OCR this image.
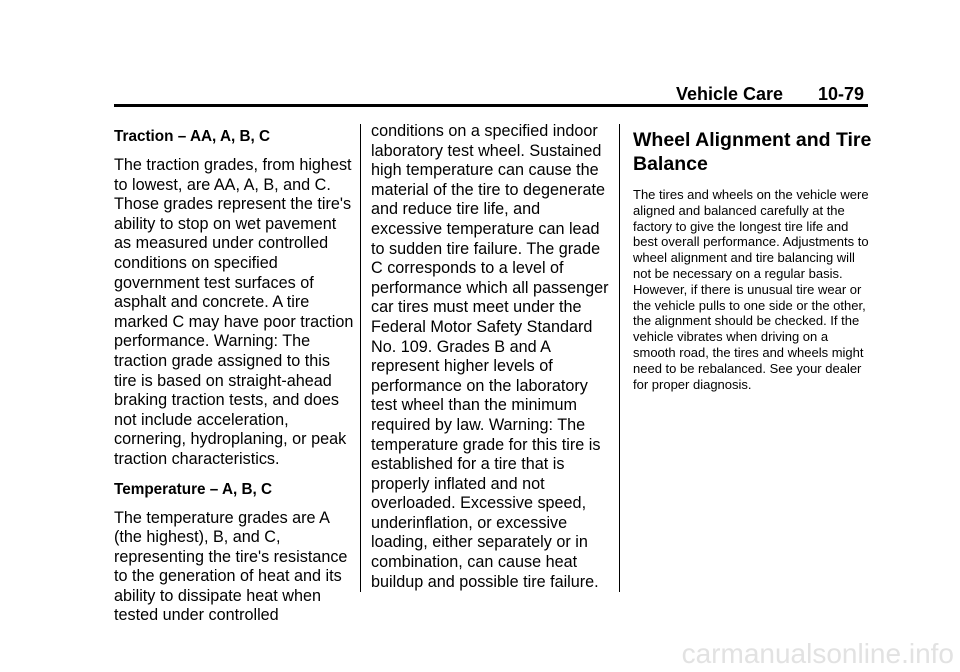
Vehicle Care 10-79
Traction – AA, A, B, C

The traction grades, from highest to lowest, are AA, A, B, and C. Those grades represent the tire's ability to stop on wet pavement as measured under controlled conditions on specified government test surfaces of asphalt and concrete. A tire marked C may have poor traction performance. Warning: The traction grade assigned to this tire is based on straight-ahead braking traction tests, and does not include acceleration, cornering, hydroplaning, or peak traction characteristics.

Temperature – A, B, C

The temperature grades are A (the highest), B, and C, representing the tire's resistance to the generation of heat and its ability to dissipate heat when tested under controlled

conditions on a specified indoor laboratory test wheel. Sustained high temperature can cause the material of the tire to degenerate and reduce tire life, and excessive temperature can lead to sudden tire failure. The grade C corresponds to a level of performance which all passenger car tires must meet under the Federal Motor Safety Standard No. 109. Grades B and A represent higher levels of performance on the laboratory test wheel than the minimum required by law. Warning: The temperature grade for this tire is established for a tire that is properly inflated and not overloaded. Excessive speed, underinflation, or excessive loading, either separately or in combination, can cause heat buildup and possible tire failure.

Wheel Alignment and Tire Balance

The tires and wheels on the vehicle were aligned and balanced carefully at the factory to give the longest tire life and best overall performance. Adjustments to wheel alignment and tire balancing will not be necessary on a regular basis. However, if there is unusual tire wear or the vehicle pulls to one side or the other, the alignment should be checked. If the vehicle vibrates when driving on a smooth road, the tires and wheels might need to be rebalanced. See your dealer for proper diagnosis.

carmanualsonline.info
